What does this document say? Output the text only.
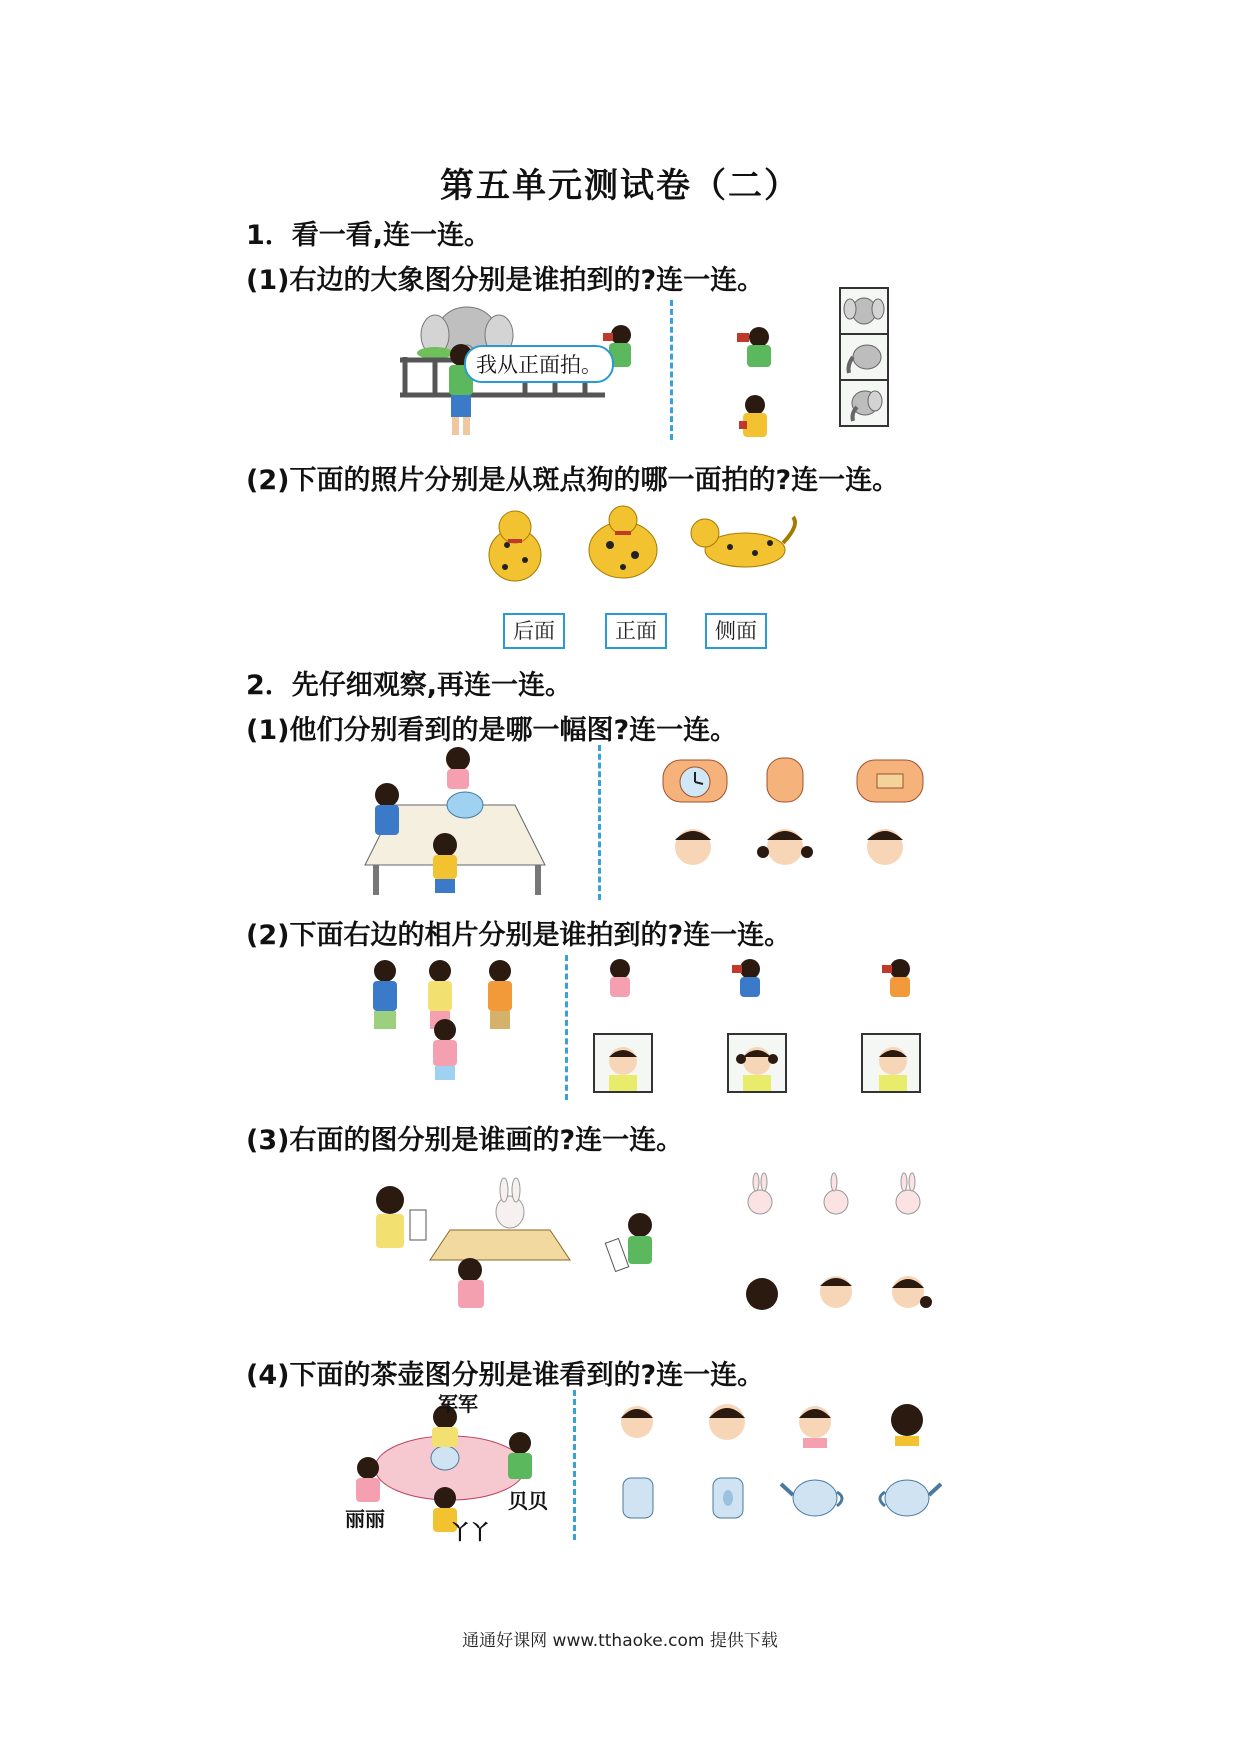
第五单元测试卷（二）
1．看一看,连一连。
(1)右边的大象图分别是谁拍到的?连一连。
我从正面拍。
(2)下面的照片分别是从斑点狗的哪一面拍的?连一连。
后面	正面	侧面
2．先仔细观察,再连一连。
(1)他们分别看到的是哪一幅图?连一连。
(2)下面右边的相片分别是谁拍到的?连一连。
(3)右面的图分别是谁画的?连一连。
(4)下面的茶壶图分别是谁看到的?连一连。
军军
贝贝
丽丽
丫丫
通通好课网 www.tthaoke.com 提供下载
